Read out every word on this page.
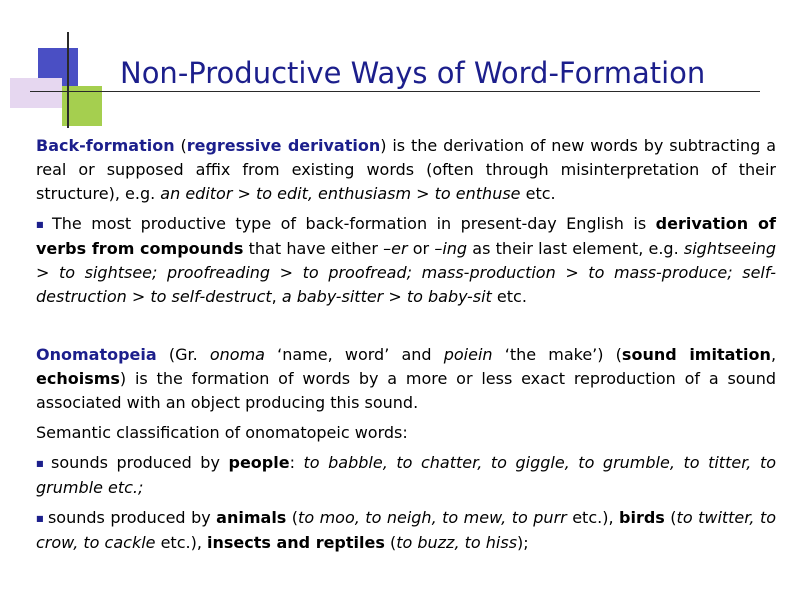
Non-Productive Ways of Word-Formation

Back-formation (regressive derivation) is the derivation of new words by subtracting a real or supposed affix from existing words (often through misinterpretation of their structure), e.g. an editor > to edit, enthusiasm > to enthuse etc.

■ The most productive type of back-formation in present-day English is derivation of verbs from compounds that have either –er or –ing as their last element, e.g. sightseeing > to sightsee; proofreading > to proofread; mass-production > to mass-produce; self-destruction > to self-destruct, a baby-sitter > to baby-sit etc.

Onomatopeia (Gr. onoma ‘name, word’ and poiein ‘the make’) (sound imitation, echoisms) is the formation of words by a more or less exact reproduction of a sound associated with an object producing this sound.

Semantic classification of onomatopeic words:

■ sounds produced by people: to babble, to chatter, to giggle, to grumble, to titter, to grumble etc.;

■ sounds produced by animals (to moo, to neigh, to mew, to purr etc.), birds (to twitter, to crow, to cackle etc.), insects and reptiles (to buzz, to hiss);
